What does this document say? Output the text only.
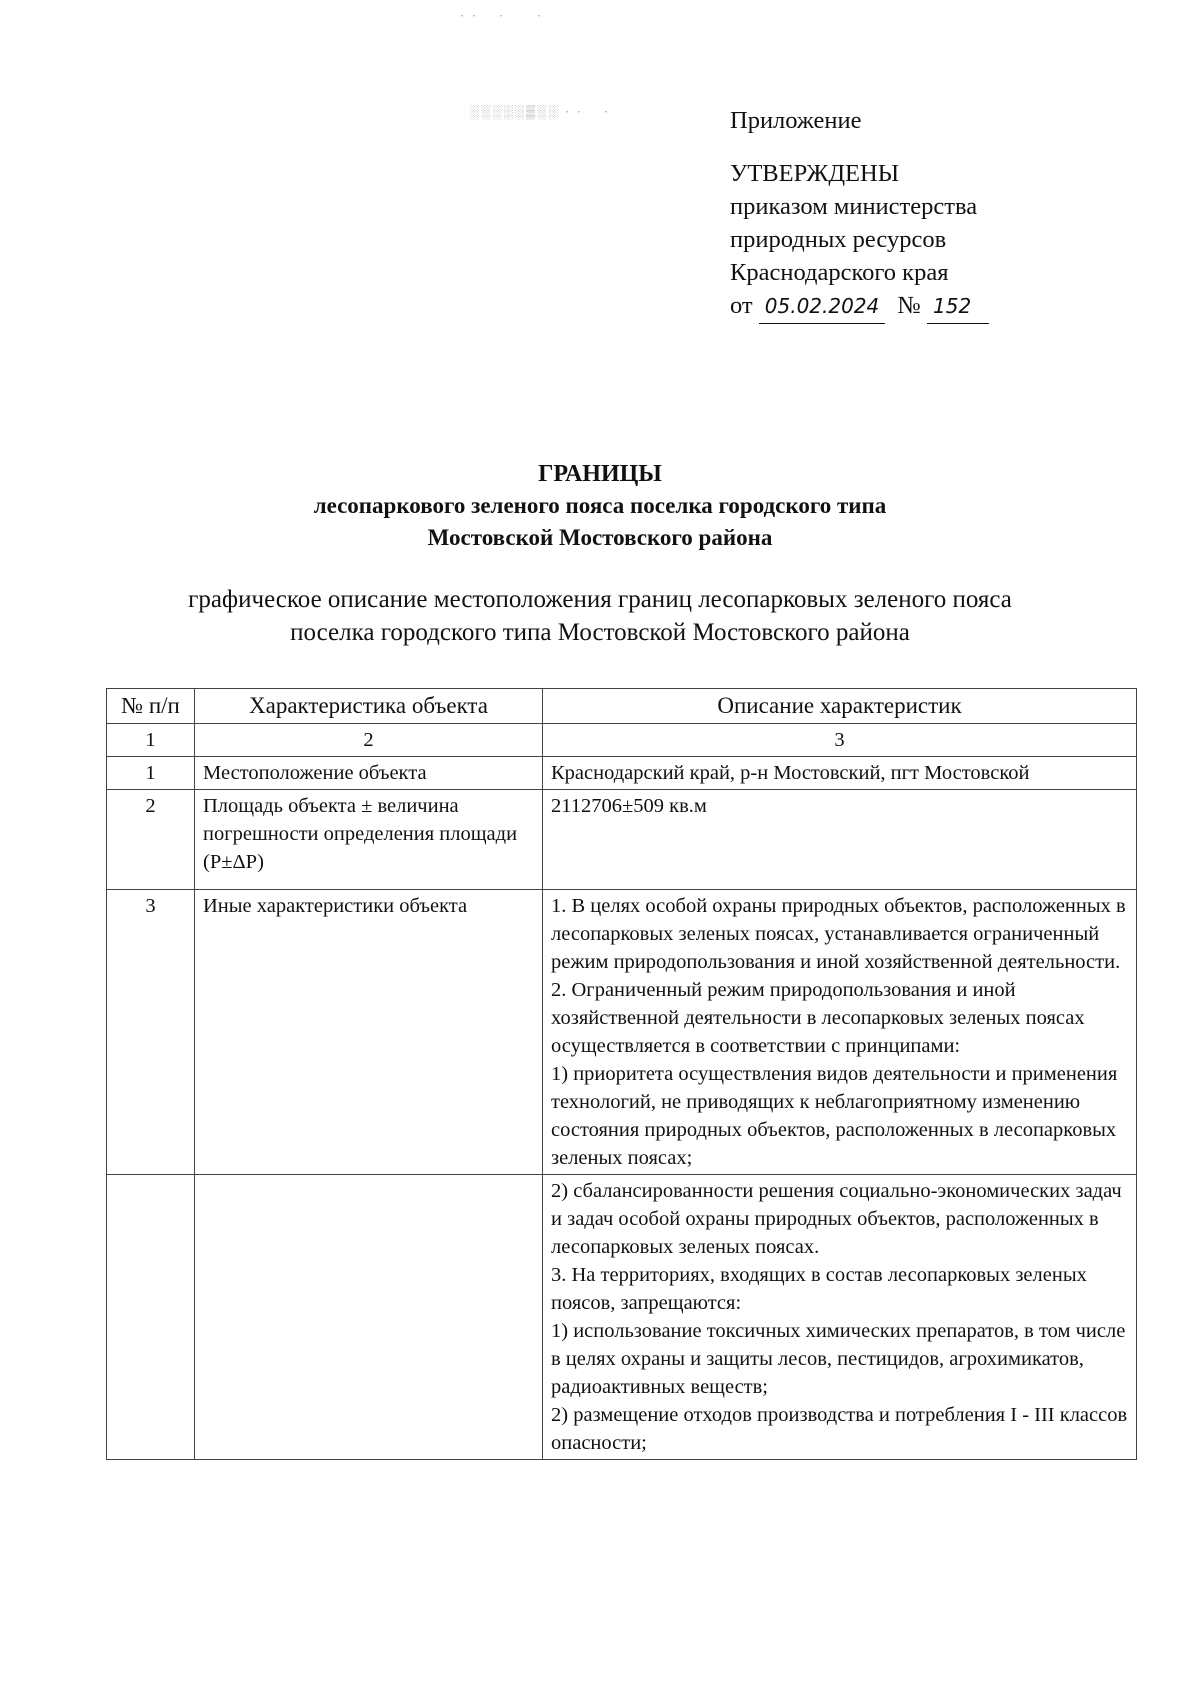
· ·    ·      ·
░░░░░▒░░ · ·    ·	Приложение
УТВЕРЖДЕНЫ
приказом министерства
природных ресурсов
Краснодарского края
от 05.02.2024 № 152
ГРАНИЦЫ
лесопаркового зеленого пояса поселка городского типа
Мостовской Мостовского района
графическое описание местоположения границ лесопарковых зеленого пояса
поселка городского типа Мостовской Мостовского района
№ п/п	Характеристика объекта	Описание характеристик
1	2	3
1	Местоположение объекта	Краснодарский край, р-н Мостовский, пгт Мостовской

2	Площадь объекта ± величина погрешности определения площади (P±ΔP)	2112706±509 кв.м

3	Иные характеристики объекта	1. В целях особой охраны природных объектов, расположенных в лесопарковых зеленых поясах, устанавливается ограниченный режим природопользования и иной хозяйственной деятельности.
2. Ограниченный режим природопользования и иной хозяйственной деятельности в лесопарковых зеленых поясах осуществляется в соответствии с принципами:
1) приоритета осуществления видов деятельности и применения технологий, не приводящих к неблагоприятному изменению состояния природных объектов, расположенных в лесопарковых зеленых поясах;

		2) сбалансированности решения социально-экономических задач и задач особой охраны природных объектов, расположенных в лесопарковых зеленых поясах.
3. На территориях, входящих в состав лесопарковых зеленых поясов, запрещаются:
1) использование токсичных химических препаратов, в том числе в целях охраны и защиты лесов, пестицидов, агрохимикатов, радиоактивных веществ;
2) размещение отходов производства и потребления I - III классов опасности;
